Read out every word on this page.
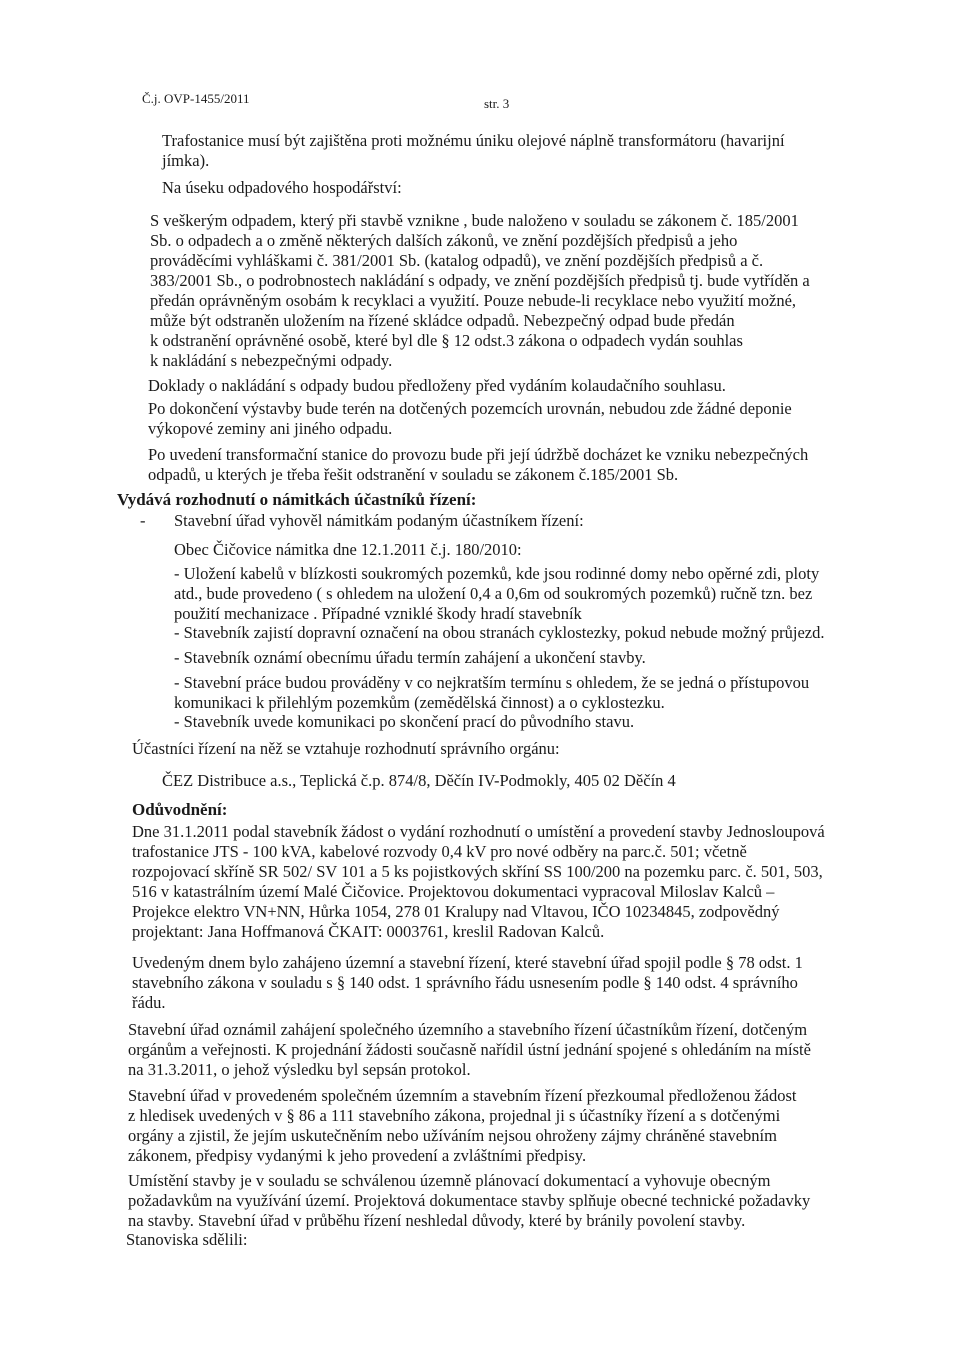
Č.j. OVP-1455/2011	str. 3
Trafostanice musí být zajištěna proti možnému úniku olejové náplně transformátoru (havarijní
jímka).
Na úseku odpadového hospodářství:
S veškerým odpadem, který při stavbě vznikne , bude naloženo v souladu se zákonem č. 185/2001
Sb. o odpadech a o změně některých dalších zákonů, ve znění pozdějších předpisů a jeho
prováděcími vyhláškami č. 381/2001 Sb. (katalog odpadů), ve znění pozdějších předpisů a č.
383/2001 Sb., o podrobnostech nakládání s odpady, ve znění pozdějších předpisů tj. bude vytříděn a
předán oprávněným osobám k recyklaci a využití. Pouze nebude-li recyklace nebo využití možné,
může být odstraněn uložením na řízené skládce odpadů. Nebezpečný odpad bude předán
k odstranění oprávněné osobě, které byl dle § 12 odst.3 zákona o odpadech vydán souhlas
k nakládání s nebezpečnými odpady.
Doklady o nakládání s odpady budou předloženy před vydáním kolaudačního souhlasu.
Po dokončení výstavby bude terén na dotčených pozemcích urovnán, nebudou zde žádné deponie
výkopové zeminy ani jiného odpadu.
Po uvedení transformační stanice do provozu bude při její údržbě docházet ke vzniku nebezpečných
odpadů, u kterých je třeba řešit odstranění v souladu se zákonem č.185/2001 Sb.
Vydává rozhodnutí o námitkách účastníků řízení:
- Stavební úřad vyhověl námitkám podaným účastníkem řízení:
Obec Čičovice námitka dne 12.1.2011 č.j. 180/2010:
- Uložení kabelů v blízkosti soukromých pozemků, kde jsou rodinné domy nebo opěrné zdi, ploty
atd., bude provedeno ( s ohledem na uložení 0,4 a 0,6m od soukromých pozemků) ručně tzn. bez
použití mechanizace . Případné vzniklé škody hradí stavebník
- Stavebník zajistí dopravní označení na obou stranách cyklostezky, pokud nebude možný průjezd.
- Stavebník oznámí obecnímu úřadu termín zahájení a ukončení stavby.
- Stavební práce budou prováděny v co nejkratším termínu s ohledem, že se jedná o přístupovou
komunikaci k přilehlým pozemkům (zemědělská činnost) a o cyklostezku.
- Stavebník uvede komunikaci po skončení prací do původního stavu.
Účastníci řízení na něž se vztahuje rozhodnutí správního orgánu:
ČEZ Distribuce a.s., Teplická č.p. 874/8, Děčín IV-Podmokly, 405 02 Děčín 4
Odůvodnění:
Dne 31.1.2011 podal stavebník žádost o vydání rozhodnutí o umístění a provedení stavby Jednosloupová
trafostanice JTS - 100 kVA, kabelové rozvody 0,4 kV pro nové odběry na parc.č. 501; včetně
rozpojovací skříně SR 502/ SV 101 a 5 ks pojistkových skříní SS 100/200 na pozemku parc. č. 501, 503,
516 v katastrálním území Malé Čičovice. Projektovou dokumentaci vypracoval Miloslav Kalců –
Projekce elektro VN+NN, Hůrka 1054, 278 01 Kralupy nad Vltavou, IČO 10234845, zodpovědný
projektant: Jana Hoffmanová ČKAIT: 0003761, kreslil Radovan Kalců.
Uvedeným dnem bylo zahájeno územní a stavební řízení, které stavební úřad spojil podle § 78 odst. 1
stavebního zákona v souladu s § 140 odst. 1 správního řádu usnesením podle § 140 odst. 4 správního
řádu.
Stavební úřad oznámil zahájení společného územního a stavebního řízení účastníkům řízení, dotčeným
orgánům a veřejnosti. K projednání žádosti současně nařídil ústní jednání spojené s ohledáním na místě
na 31.3.2011, o jehož výsledku byl sepsán protokol.
Stavební úřad v provedeném společném územním a stavebním řízení přezkoumal předloženou žádost
z hledisek uvedených v § 86 a 111 stavebního zákona, projednal ji s účastníky řízení a s dotčenými
orgány a zjistil, že jejím uskutečněním nebo užíváním nejsou ohroženy zájmy chráněné stavebním
zákonem, předpisy vydanými k jeho provedení a zvláštními předpisy.
Umístění stavby je v souladu se schválenou územně plánovací dokumentací a vyhovuje obecným
požadavkům na využívání území. Projektová dokumentace stavby splňuje obecné technické požadavky
na stavby. Stavební úřad v průběhu řízení neshledal důvody, které by bránily povolení stavby.
Stanoviska sdělili:
